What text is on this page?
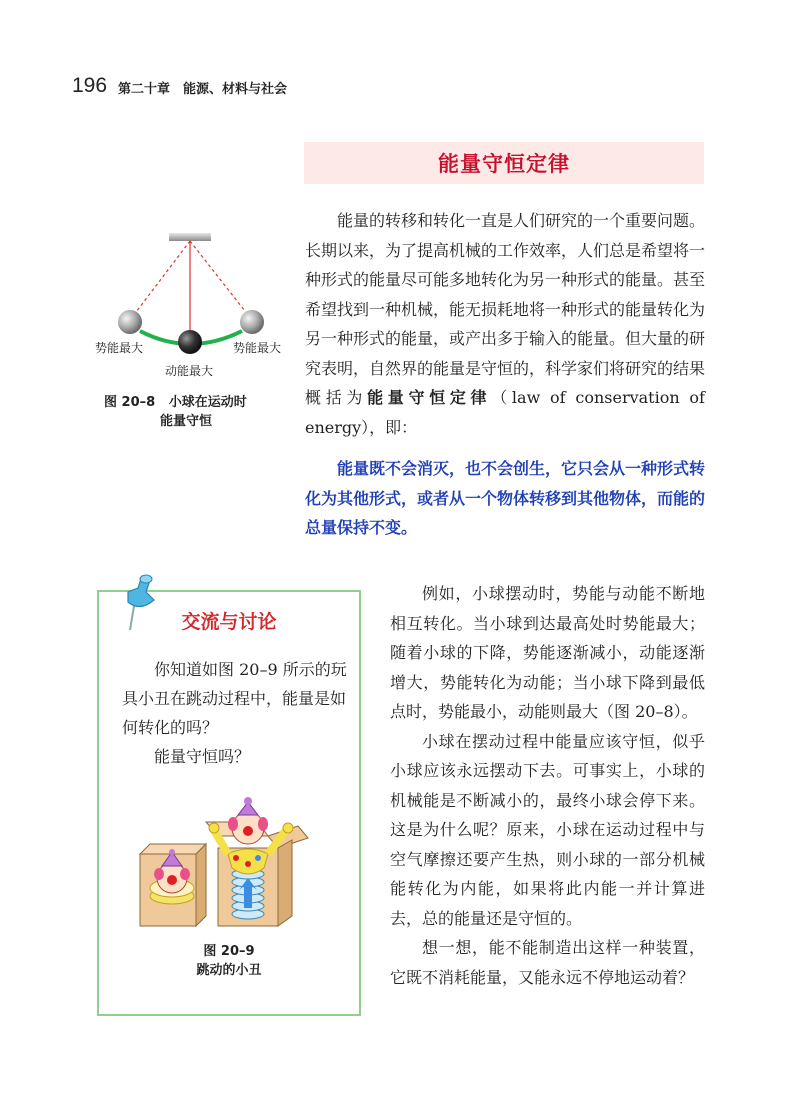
196 第二十章　能源、材料与社会
能量守恒定律
势能最大	势能最大
动能最大
图 20–8 小球在运动时
能量守恒

能量的转移和转化一直是人们研究的一个重要问题。长期以来，为了提高机械的工作效率，人们总是希望将一种形式的能量尽可能多地转化为另一种形式的能量。甚至希望找到一种机械，能无损耗地将一种形式的能量转化为另一种形式的能量，或产出多于输入的能量。但大量的研究表明，自然界的能量是守恒的，科学家们将研究的结果概括为能量守恒定律（law of conservation of energy），即：

能量既不会消灭，也不会创生，它只会从一种形式转化为其他形式，或者从一个物体转移到其他物体，而能的总量保持不变。
交流与讨论

你知道如图 20–9 所示的玩具小丑在跳动过程中，能量是如何转化的吗？

能量守恒吗？

图 20–9
跳动的小丑

例如，小球摆动时，势能与动能不断地相互转化。当小球到达最高处时势能最大；随着小球的下降，势能逐渐减小，动能逐渐增大，势能转化为动能；当小球下降到最低点时，势能最小，动能则最大（图 20–8）。

小球在摆动过程中能量应该守恒，似乎小球应该永远摆动下去。可事实上，小球的机械能是不断减小的，最终小球会停下来。这是为什么呢？原来，小球在运动过程中与空气摩擦还要产生热，则小球的一部分机械能转化为内能，如果将此内能一并计算进去，总的能量还是守恒的。

想一想，能不能制造出这样一种装置，它既不消耗能量，又能永远不停地运动着？
